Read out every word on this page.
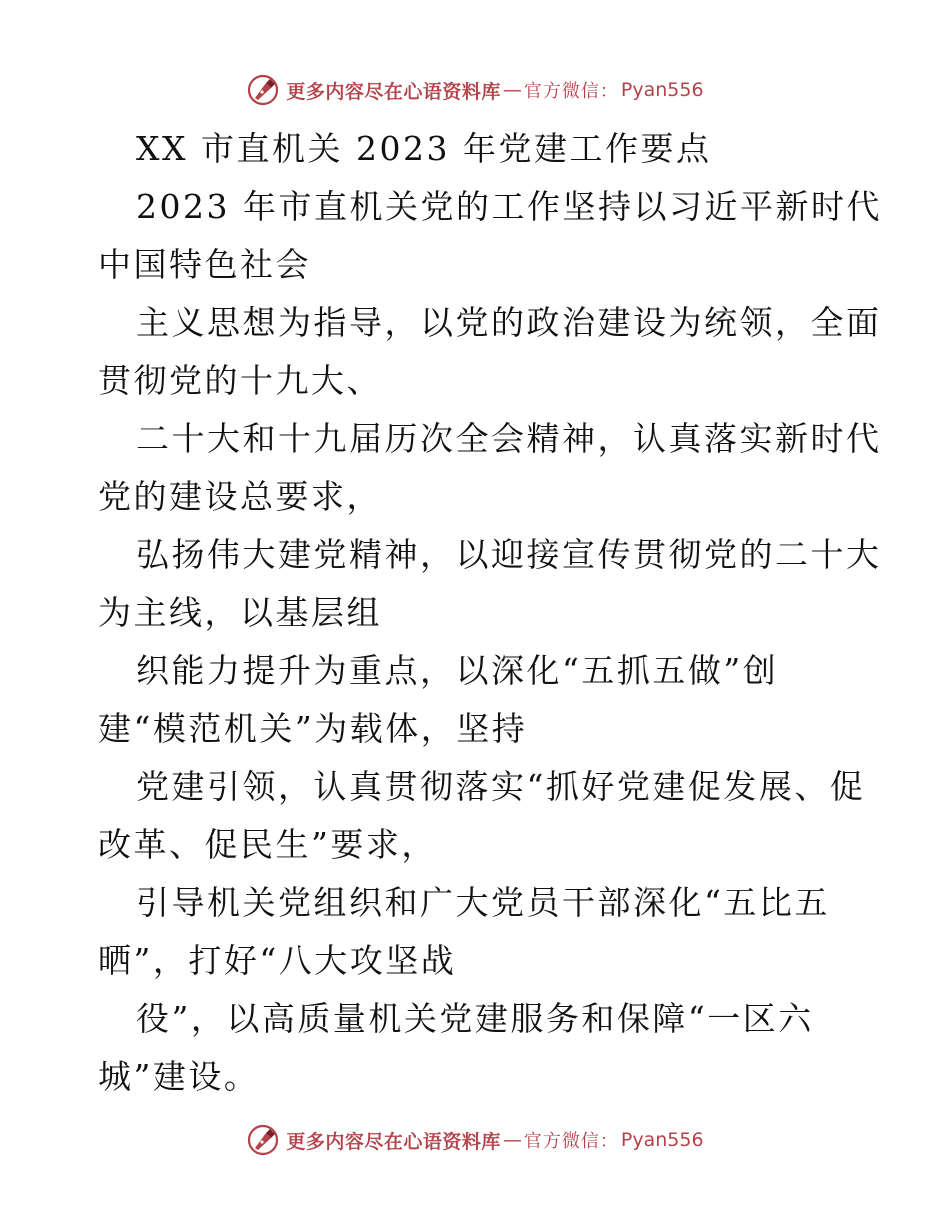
更多内容尽在心语资料库 — 官方微信： Pyan556
XX 市直机关 2023 年党建工作要点
2023 年市直机关党的工作坚持以习近平新时代
中国特色社会
主义思想为指导，以党的政治建设为统领，全面
贯彻党的十九大、
二十大和十九届历次全会精神，认真落实新时代
党的建设总要求，
弘扬伟大建党精神，以迎接宣传贯彻党的二十大
为主线，以基层组
织能力提升为重点，以深化“五抓五做”创
建“模范机关”为载体，坚持
党建引领，认真贯彻落实“抓好党建促发展、促
改革、促民生”要求，
引导机关党组织和广大党员干部深化“五比五
晒”，打好“八大攻坚战
役”，以高质量机关党建服务和保障“一区六
城”建设。
更多内容尽在心语资料库 — 官方微信： Pyan556
